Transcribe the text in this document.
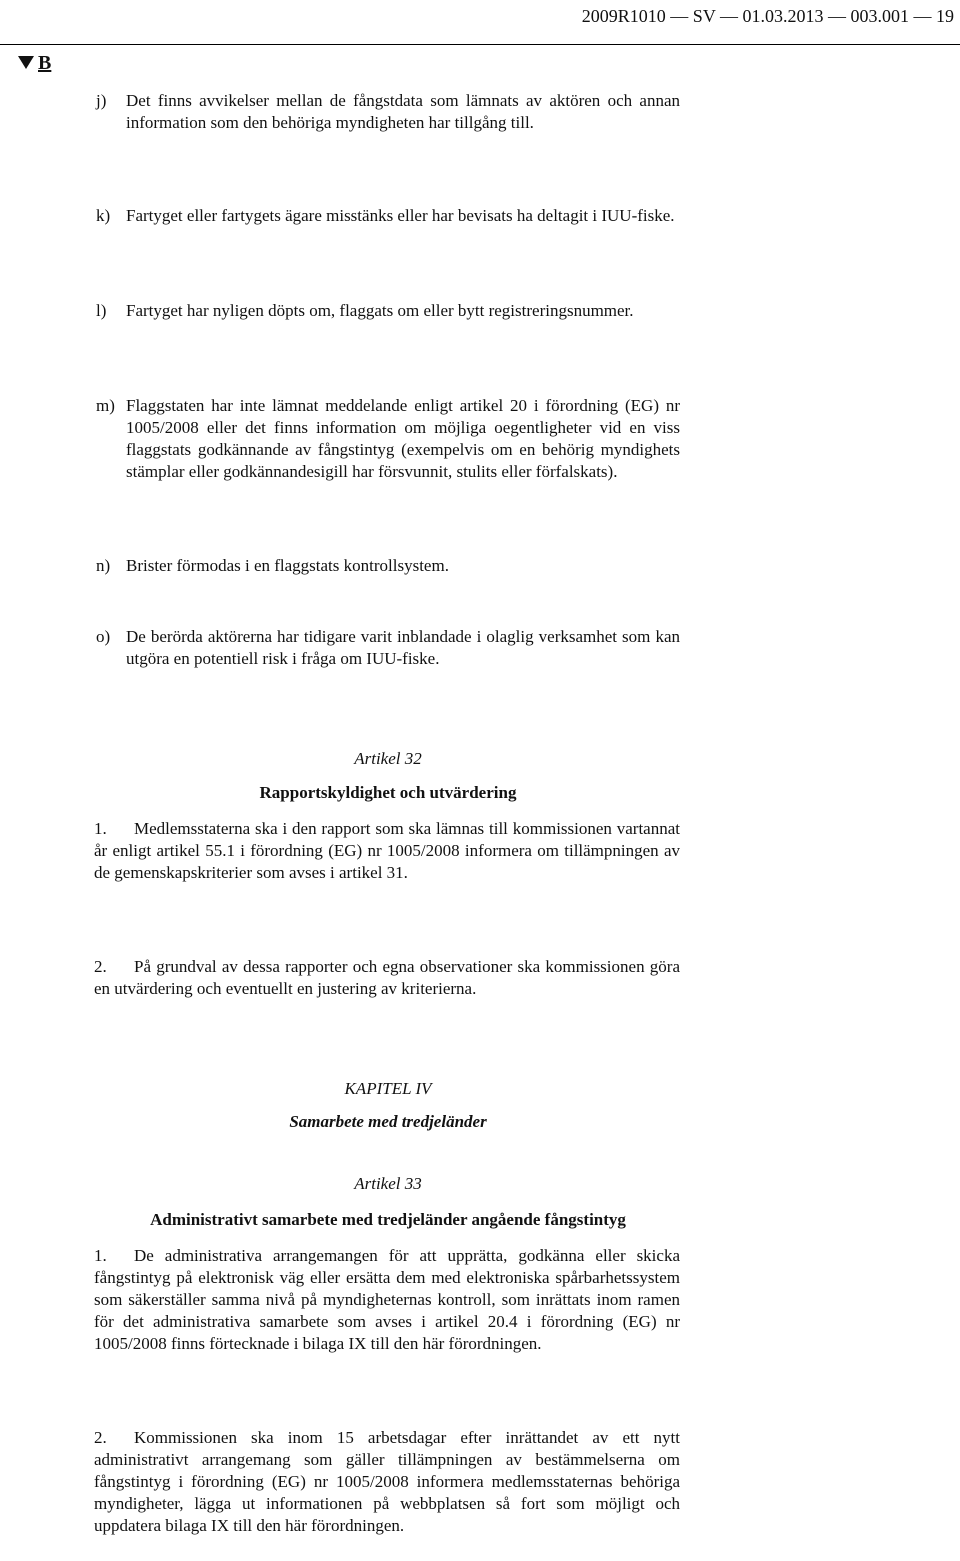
2009R1010 — SV — 01.03.2013 — 003.001 — 19
B
j)	Det finns avvikelser mellan de fångstdata som lämnats av aktören och annan information som den behöriga myndigheten har tillgång till.
k) Fartyget eller fartygets ägare misstänks eller har bevisats ha deltagit i IUU-fiske.
l)	Fartyget har nyligen döpts om, flaggats om eller bytt registreringsnummer.
m) Flaggstaten har inte lämnat meddelande enligt artikel 20 i förordning (EG) nr 1005/2008 eller det finns information om möjliga oegentligheter vid en viss flaggstats godkännande av fångstintyg (exempelvis om en behörig myndighets stämplar eller godkännandesigill har försvunnit, stulits eller förfalskats).
n) Brister förmodas i en flaggstats kontrollsystem.
o) De berörda aktörerna har tidigare varit inblandade i olaglig verksamhet som kan utgöra en potentiell risk i fråga om IUU-fiske.
Artikel 32
Rapportskyldighet och utvärdering
1. Medlemsstaterna ska i den rapport som ska lämnas till kommissionen vartannat år enligt artikel 55.1 i förordning (EG) nr 1005/2008 informera om tillämpningen av de gemenskapskriterier som avses i artikel 31.
2. På grundval av dessa rapporter och egna observationer ska kommissionen göra en utvärdering och eventuellt en justering av kriterierna.
KAPITEL IV
Samarbete med tredjeländer
Artikel 33
Administrativt samarbete med tredjeländer angående fångstintyg
1. De administrativa arrangemangen för att upprätta, godkänna eller skicka fångstintyg på elektronisk väg eller ersätta dem med elektroniska spårbarhetssystem som säkerställer samma nivå på myndigheternas kontroll, som inrättats inom ramen för det administrativa samarbete som avses i artikel 20.4 i förordning (EG) nr 1005/2008 finns förtecknade i bilaga IX till den här förordningen.
2. Kommissionen ska inom 15 arbetsdagar efter inrättandet av ett nytt administrativt arrangemang som gäller tillämpningen av bestämmelserna om fångstintyg i förordning (EG) nr 1005/2008 informera medlemsstaternas behöriga myndigheter, lägga ut informationen på webbplatsen så fort som möjligt och uppdatera bilaga IX till den här förordningen.
